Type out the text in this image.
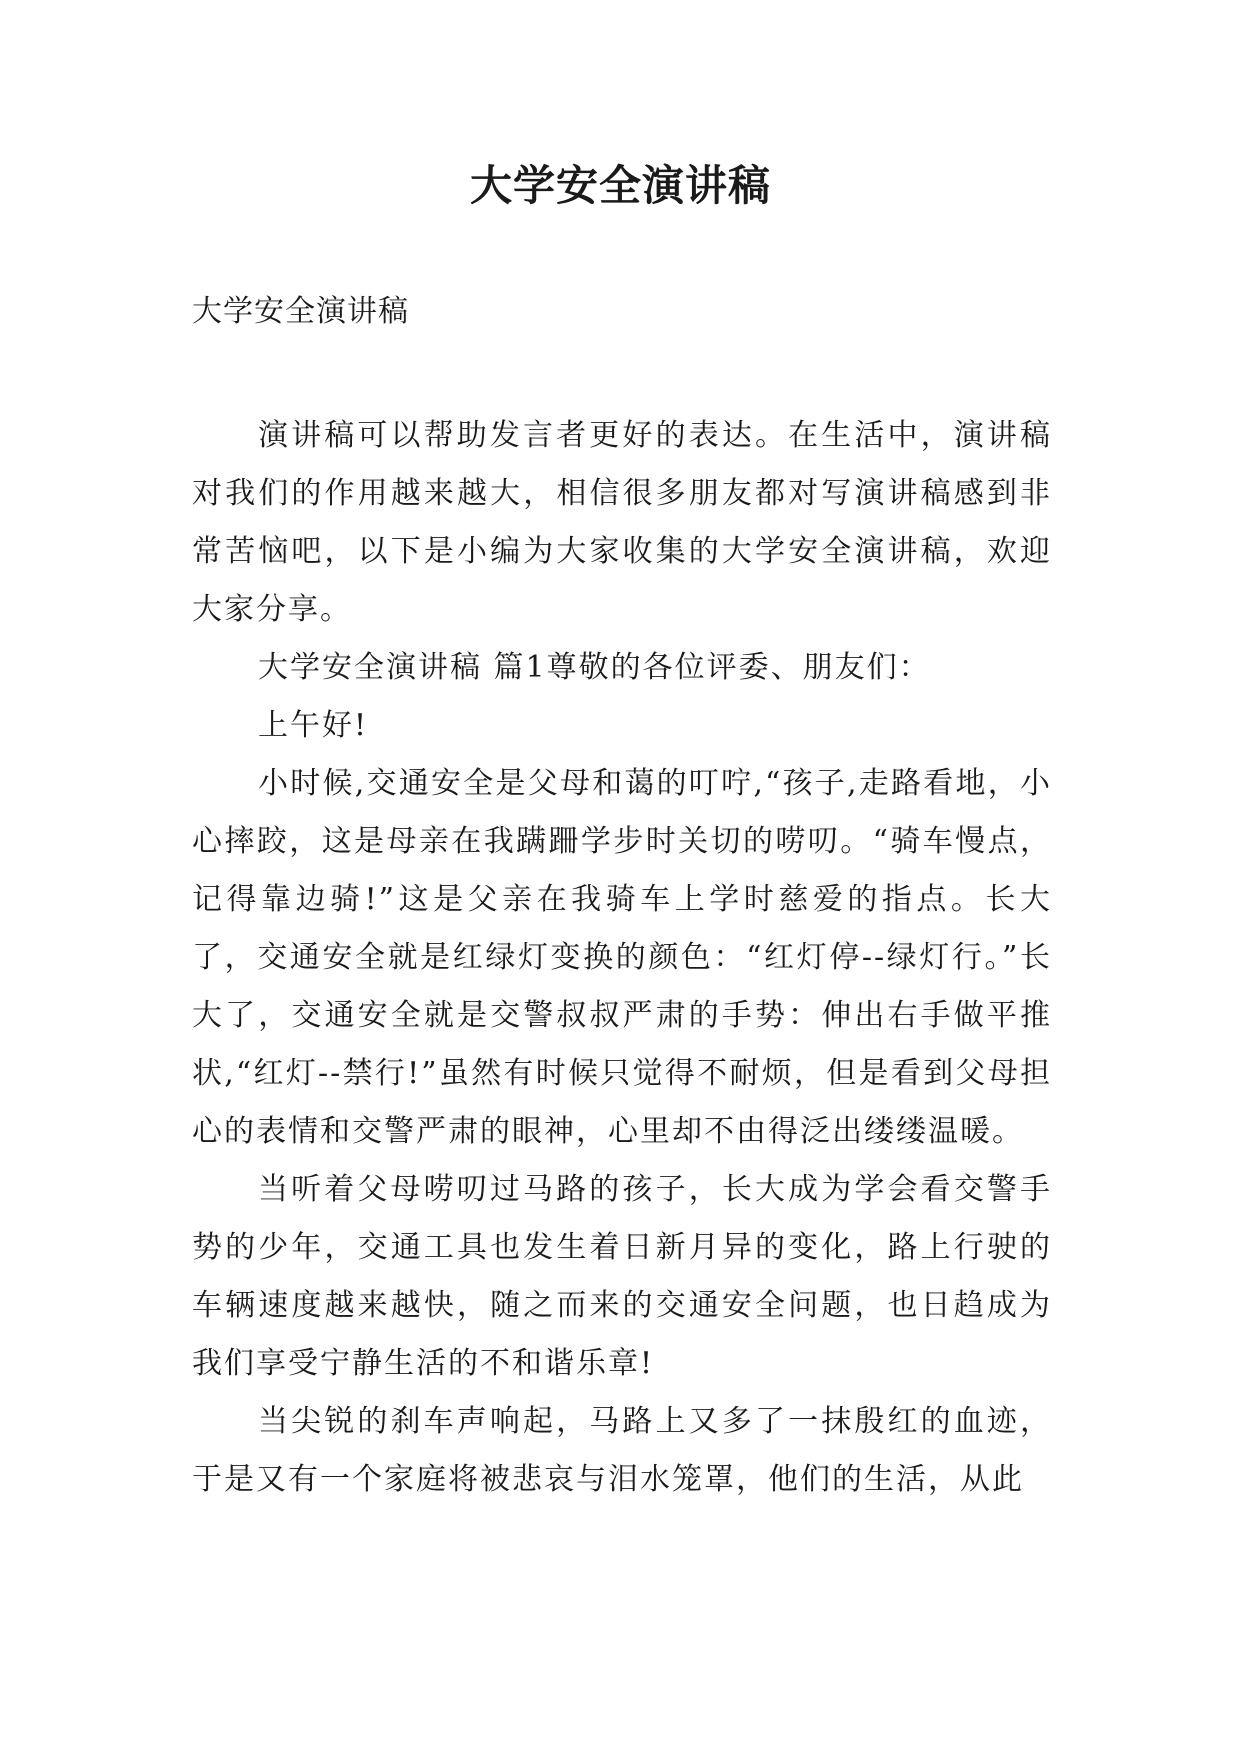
大学安全演讲稿
大学安全演讲稿

演讲稿可以帮助发言者更好的表达。在生活中，演讲稿对我们的作用越来越大，相信很多朋友都对写演讲稿感到非常苦恼吧，以下是小编为大家收集的大学安全演讲稿，欢迎大家分享。

大学安全演讲稿 篇1尊敬的各位评委、朋友们：

上午好!

小时候,交通安全是父母和蔼的叮咛,“孩子,走路看地，小心摔跤，这是母亲在我蹒跚学步时关切的唠叨。“骑车慢点，记得靠边骑!”这是父亲在我骑车上学时慈爱的指点。长大了，交通安全就是红绿灯变换的颜色：“红灯停--绿灯行。”长大了，交通安全就是交警叔叔严肃的手势：伸出右手做平推状,“红灯--禁行!”虽然有时候只觉得不耐烦，但是看到父母担心的表情和交警严肃的眼神，心里却不由得泛出缕缕温暖。

当听着父母唠叨过马路的孩子，长大成为学会看交警手势的少年，交通工具也发生着日新月异的变化，路上行驶的车辆速度越来越快，随之而来的交通安全问题，也日趋成为我们享受宁静生活的不和谐乐章!

当尖锐的刹车声响起，马路上又多了一抹殷红的血迹，于是又有一个家庭将被悲哀与泪水笼罩，他们的生活，从此
